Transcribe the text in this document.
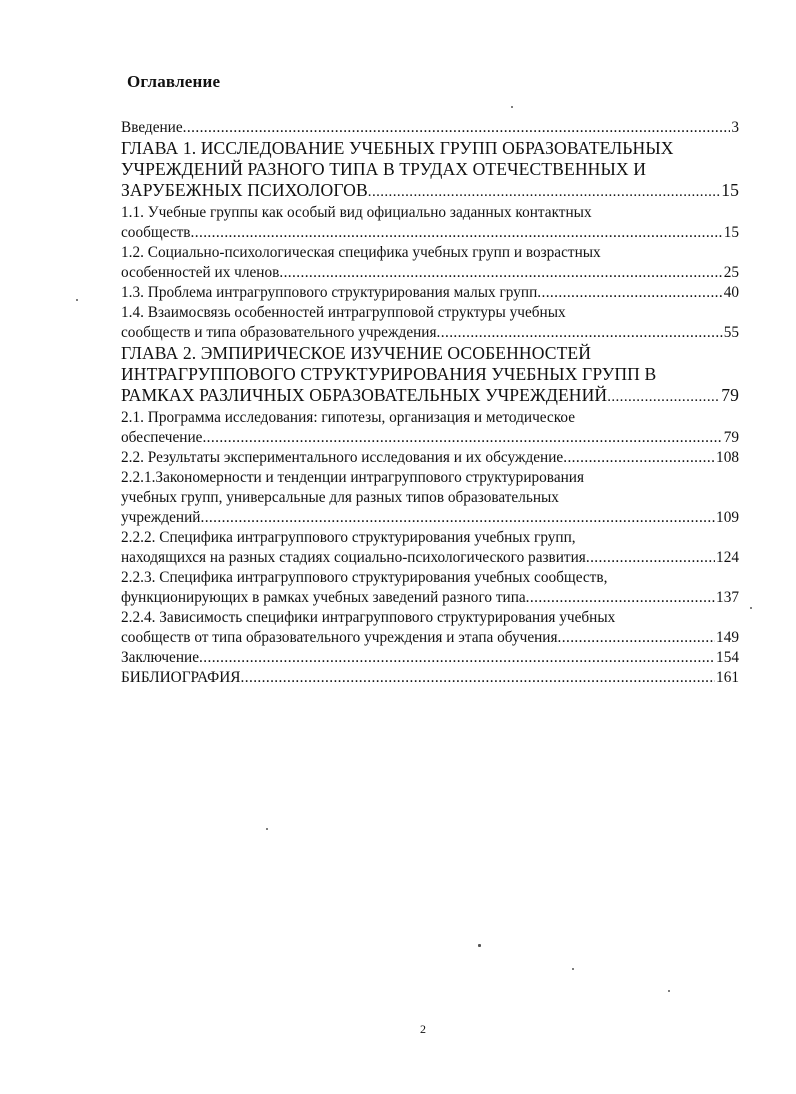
Оглавление
Введение .....	3
ГЛАВА 1. ИССЛЕДОВАНИЕ УЧЕБНЫХ ГРУПП ОБРАЗОВАТЕЛЬНЫХ
УЧРЕЖДЕНИЙ РАЗНОГО ТИПА В ТРУДАХ ОТЕЧЕСТВЕННЫХ И
ЗАРУБЕЖНЫХ ПСИХОЛОГОВ .....	15
1.1. Учебные группы как особый вид официально заданных контактных
сообществ .....	15
1.2. Социально-психологическая специфика учебных групп и возрастных
особенностей их членов .....	25
1.3. Проблема интрагруппового структурирования малых групп .....	40
1.4. Взаимосвязь особенностей интрагрупповой структуры учебных
сообществ и типа образовательного учреждения .....	55
ГЛАВА 2. ЭМПИРИЧЕСКОЕ ИЗУЧЕНИЕ ОСОБЕННОСТЕЙ
ИНТРАГРУППОВОГО СТРУКТУРИРОВАНИЯ УЧЕБНЫХ ГРУПП В
РАМКАХ РАЗЛИЧНЫХ ОБРАЗОВАТЕЛЬНЫХ УЧРЕЖДЕНИЙ .....	79
2.1. Программа исследования: гипотезы, организация и методическое
обеспечение .....	79
2.2. Результаты экспериментального исследования и их обсуждение .....	108
2.2.1.Закономерности и тенденции интрагруппового структурирования
учебных групп, универсальные для разных типов образовательных
учреждений .....	109
2.2.2. Специфика интрагруппового структурирования учебных групп,
находящихся на разных стадиях социально-психологического развития .....	124
2.2.3. Специфика интрагруппового структурирования учебных сообществ,
функционирующих в рамках учебных заведений разного типа .....	137
2.2.4. Зависимость специфики интрагруппового структурирования учебных
сообществ от типа образовательного учреждения и этапа обучения .....	149
Заключение .....	154
БИБЛИОГРАФИЯ .....	161
2
